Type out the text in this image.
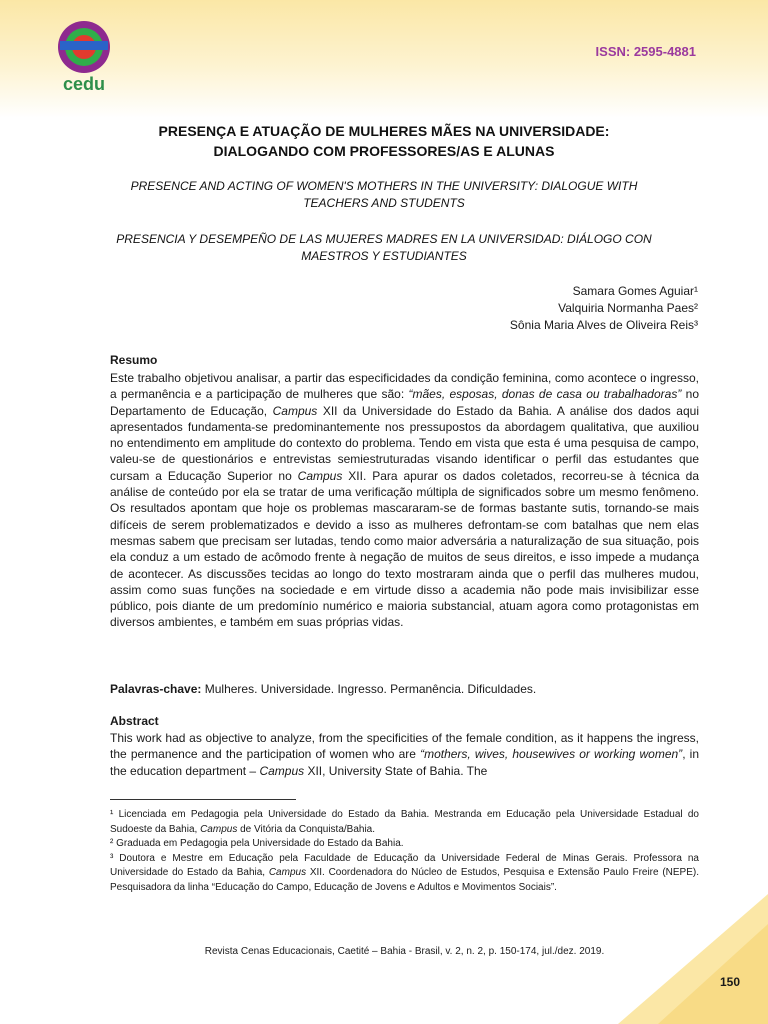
cedu
ISSN: 2595-4881
PRESENÇA E ATUAÇÃO DE MULHERES MÃES NA UNIVERSIDADE:
DIALOGANDO COM PROFESSORES/AS E ALUNAS
PRESENCE AND ACTING OF WOMEN'S MOTHERS IN THE UNIVERSITY: DIALOGUE WITH
TEACHERS AND STUDENTS
PRESENCIA Y DESEMPEÑO DE LAS MUJERES MADRES EN LA UNIVERSIDAD: DIÁLOGO CON
MAESTROS Y ESTUDIANTES
Samara Gomes Aguiar¹
Valquiria Normanha Paes²
Sônia Maria Alves de Oliveira Reis³
Resumo
Este trabalho objetivou analisar, a partir das especificidades da condição feminina, como acontece o ingresso, a permanência e a participação de mulheres que são: “mães, esposas, donas de casa ou trabalhadoras” no Departamento de Educação, Campus XII da Universidade do Estado da Bahia. A análise dos dados aqui apresentados fundamenta-se predominantemente nos pressupostos da abordagem qualitativa, que auxiliou no entendimento em amplitude do contexto do problema. Tendo em vista que esta é uma pesquisa de campo, valeu-se de questionários e entrevistas semiestruturadas visando identificar o perfil das estudantes que cursam a Educação Superior no Campus XII. Para apurar os dados coletados, recorreu-se à técnica da análise de conteúdo por ela se tratar de uma verificação múltipla de significados sobre um mesmo fenômeno. Os resultados apontam que hoje os problemas mascararam-se de formas bastante sutis, tornando-se mais difíceis de serem problematizados e devido a isso as mulheres defrontam-se com batalhas que nem elas mesmas sabem que precisam ser lutadas, tendo como maior adversária a naturalização de sua situação, pois ela conduz a um estado de acômodo frente à negação de muitos de seus direitos, e isso impede a mudança de acontecer. As discussões tecidas ao longo do texto mostraram ainda que o perfil das mulheres mudou, assim como suas funções na sociedade e em virtude disso a academia não pode mais invisibilizar esse público, pois diante de um predomínio numérico e maioria substancial, atuam agora como protagonistas em diversos ambientes, e também em suas próprias vidas.
Palavras-chave: Mulheres. Universidade. Ingresso. Permanência. Dificuldades.
Abstract
This work had as objective to analyze, from the specificities of the female condition, as it happens the ingress, the permanence and the participation of women who are “mothers, wives, housewives or working women”, in the education department – Campus XII, University State of Bahia. The

¹ Licenciada em Pedagogia pela Universidade do Estado da Bahia. Mestranda em Educação pela Universidade Estadual do Sudoeste da Bahia, Campus de Vitória da Conquista/Bahia.

² Graduada em Pedagogia pela Universidade do Estado da Bahia.

³ Doutora e Mestre em Educação pela Faculdade de Educação da Universidade Federal de Minas Gerais. Professora na Universidade do Estado da Bahia, Campus XII. Coordenadora do Núcleo de Estudos, Pesquisa e Extensão Paulo Freire (NEPE). Pesquisadora da linha “Educação do Campo, Educação de Jovens e Adultos e Movimentos Sociais”.

Revista Cenas Educacionais, Caetité – Bahia - Brasil, v. 2, n. 2, p. 150-174, jul./dez. 2019.
150
